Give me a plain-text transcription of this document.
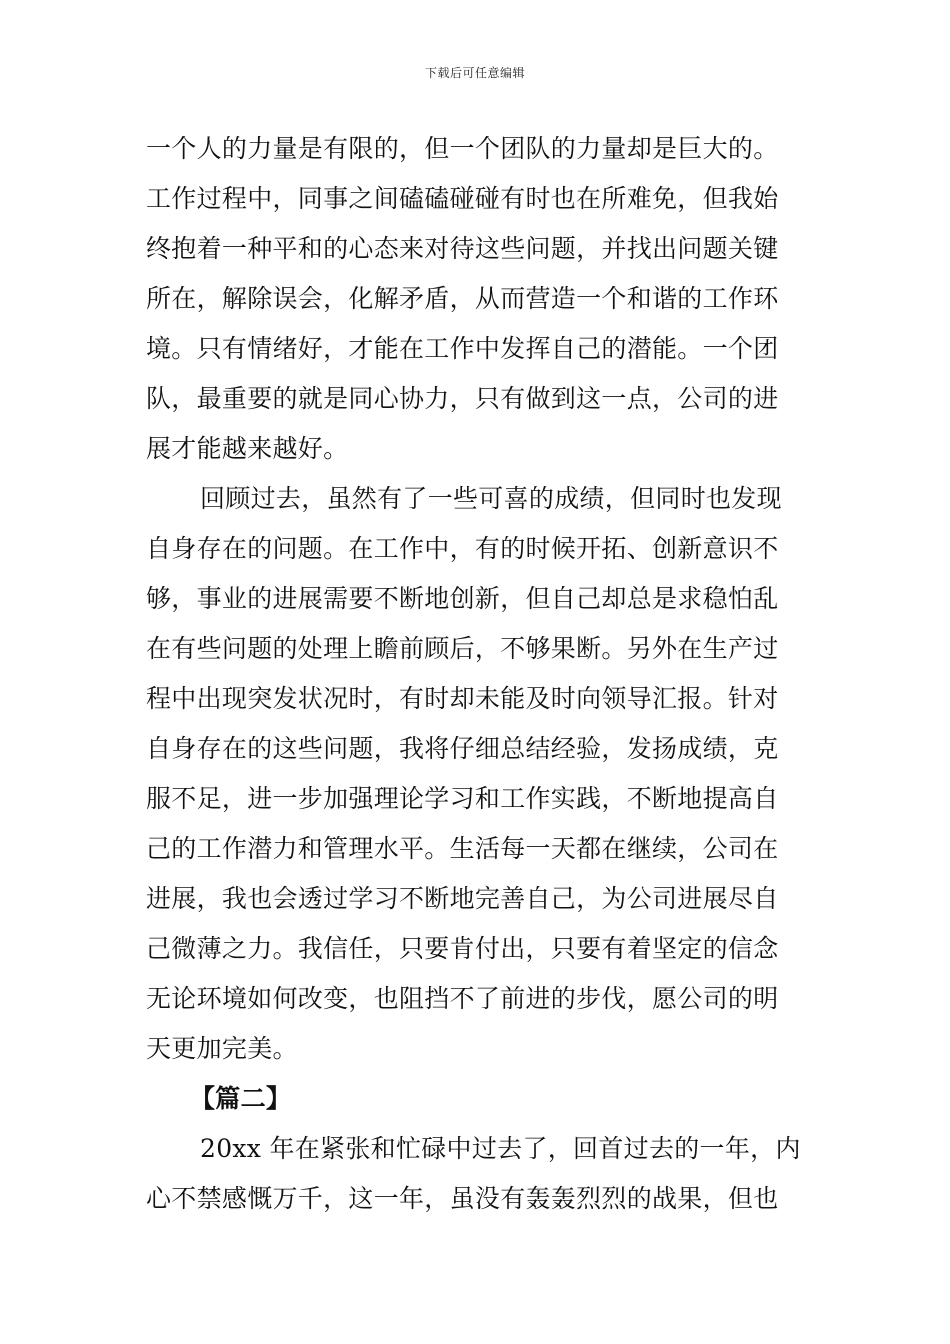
下载后可任意编辑
一个人的力量是有限的，但一个团队的力量却是巨大的。
工作过程中，同事之间磕磕碰碰有时也在所难免，但我始
终抱着一种平和的心态来对待这些问题，并找出问题关键
所在，解除误会，化解矛盾，从而营造一个和谐的工作环
境。只有情绪好，才能在工作中发挥自己的潜能。一个团
队，最重要的就是同心协力，只有做到这一点，公司的进
展才能越来越好。
回顾过去，虽然有了一些可喜的成绩，但同时也发现
自身存在的问题。在工作中，有的时候开拓、创新意识不
够，事业的进展需要不断地创新，但自己却总是求稳怕乱
在有些问题的处理上瞻前顾后，不够果断。另外在生产过
程中出现突发状况时，有时却未能及时向领导汇报。针对
自身存在的这些问题，我将仔细总结经验，发扬成绩，克
服不足，进一步加强理论学习和工作实践，不断地提高自
己的工作潜力和管理水平。生活每一天都在继续，公司在
进展，我也会透过学习不断地完善自己，为公司进展尽自
己微薄之力。我信任，只要肯付出，只要有着坚定的信念
无论环境如何改变，也阻挡不了前进的步伐，愿公司的明
天更加完美。
【篇二】
20xx 年在紧张和忙碌中过去了，回首过去的一年，内
心不禁感慨万千，这一年，虽没有轰轰烈烈的战果，但也
